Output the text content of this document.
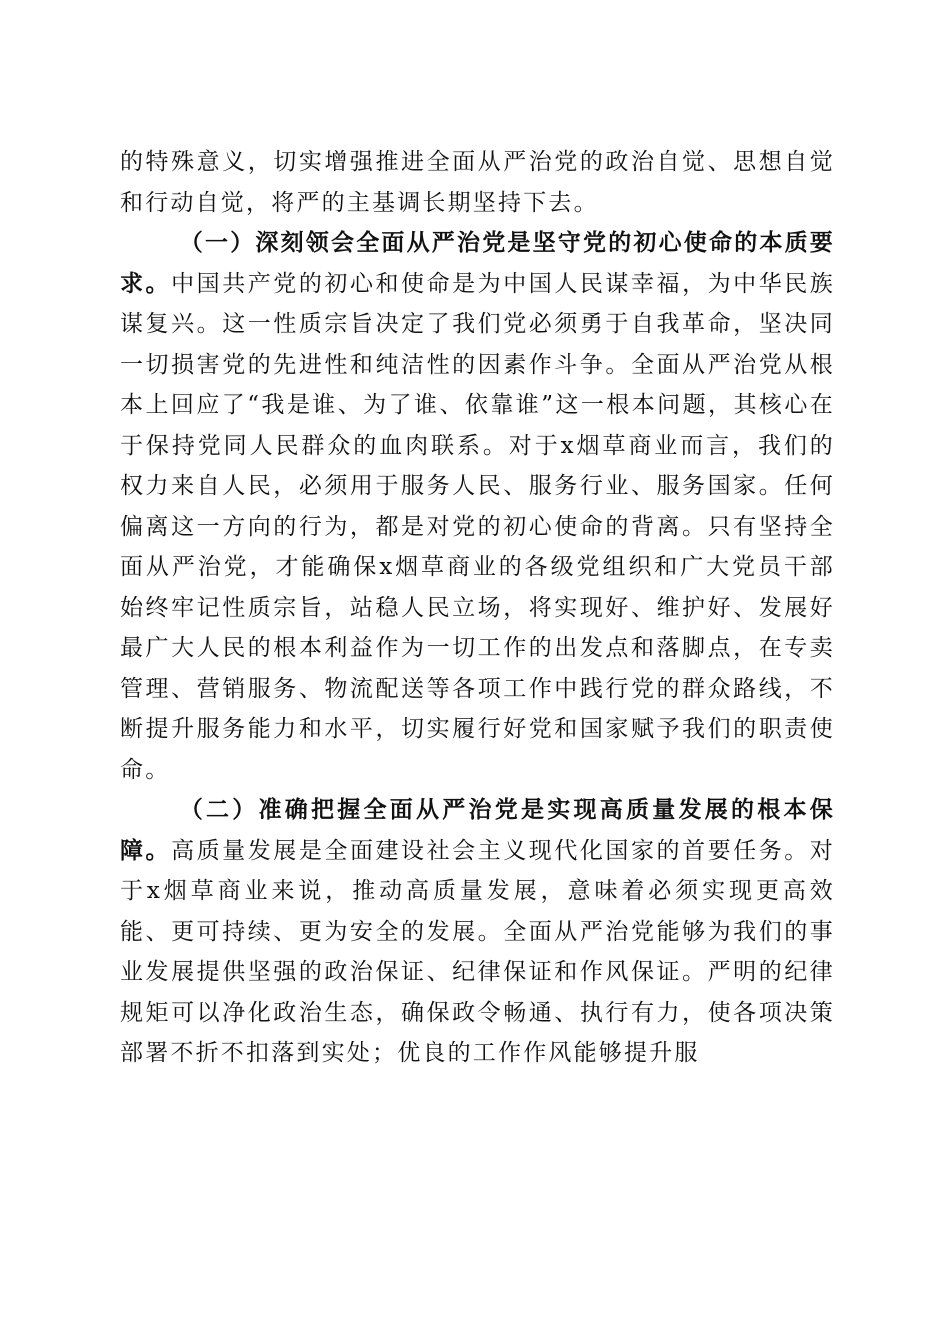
的特殊意义，切实增强推进全面从严治党的政治自觉、思想自觉和行动自觉，将严的主基调长期坚持下去。

（一）深刻领会全面从严治党是坚守党的初心使命的本质要求。中国共产党的初心和使命是为中国人民谋幸福，为中华民族谋复兴。这一性质宗旨决定了我们党必须勇于自我革命，坚决同一切损害党的先进性和纯洁性的因素作斗争。全面从严治党从根本上回应了“我是谁、为了谁、依靠谁”这一根本问题，其核心在于保持党同人民群众的血肉联系。对于x烟草商业而言，我们的权力来自人民，必须用于服务人民、服务行业、服务国家。任何偏离这一方向的行为，都是对党的初心使命的背离。只有坚持全面从严治党，才能确保x烟草商业的各级党组织和广大党员干部始终牢记性质宗旨，站稳人民立场，将实现好、维护好、发展好最广大人民的根本利益作为一切工作的出发点和落脚点，在专卖管理、营销服务、物流配送等各项工作中践行党的群众路线，不断提升服务能力和水平，切实履行好党和国家赋予我们的职责使命。

（二）准确把握全面从严治党是实现高质量发展的根本保障。高质量发展是全面建设社会主义现代化国家的首要任务。对于x烟草商业来说，推动高质量发展，意味着必须实现更高效能、更可持续、更为安全的发展。全面从严治党能够为我们的事业发展提供坚强的政治保证、纪律保证和作风保证。严明的纪律规矩可以净化政治生态，确保政令畅通、执行有力，使各项决策部署不折不扣落到实处；优良的工作作风能够提升服
